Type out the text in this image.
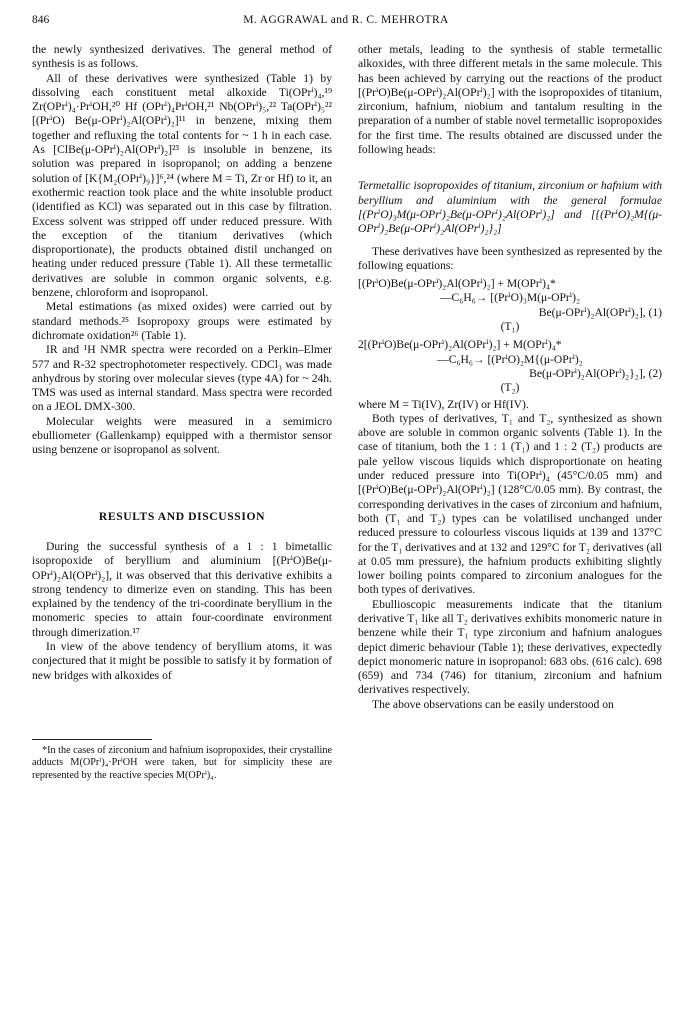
846	M. AGGRAWAL and R. C. MEHROTRA

the newly synthesized derivatives. The general method of synthesis is as follows.

All of these derivatives were synthesized (Table 1) by dissolving each constituent metal alkoxide Ti(OPrⁱ)₄,¹⁹ Zr(OPrⁱ)₄·PrⁱOH,²⁰ Hf (OPrⁱ)₄PrⁱOH,²¹ Nb(OPrⁱ)₅,²² Ta(OPrⁱ)₅²² [(PrⁱO) Be(μ-OPrⁱ)₂Al(OPrⁱ)₂]¹¹ in benzene, mixing them together and refluxing the total contents for ~ 1 h in each case. As [ClBe(μ-OPrⁱ)₂Al(OPrⁱ)₂]²³ is insoluble in benzene, its solution was prepared in isopropanol; on adding a benzene solution of [K{M₂(OPrⁱ)₉}]⁶,²⁴ (where M = Ti, Zr or Hf) to it, an exothermic reaction took place and the white insoluble product (identified as KCl) was separated out in this case by filtration. Excess solvent was stripped off under reduced pressure. With the exception of the titanium derivatives (which disproportionate), the products obtained distil unchanged on heating under reduced pressure (Table 1). All these termetallic derivatives are soluble in common organic solvents, e.g. benzene, chloroform and isopropanol.

Metal estimations (as mixed oxides) were carried out by standard methods.²⁵ Isopropoxy groups were estimated by dichromate oxidation²⁶ (Table 1).

IR and ¹H NMR spectra were recorded on a Perkin–Elmer 577 and R-32 spectrophotometer respectively. CDCl₃ was made anhydrous by storing over molecular sieves (type 4A) for ~ 24h. TMS was used as internal standard. Mass spectra were recorded on a JEOL DMX-300.

Molecular weights were measured in a semimicro ebulliometer (Gallenkamp) equipped with a thermistor sensor using benzene or isopropanol as solvent.

RESULTS AND DISCUSSION

During the successful synthesis of a 1 : 1 bimetallic isopropoxide of beryllium and aluminium [(PrⁱO)Be(μ-OPrⁱ)₂Al(OPrⁱ)₂], it was observed that this derivative exhibits a strong tendency to dimerize even on standing. This has been explained by the tendency of the tri-coordinate beryllium in the monomeric species to attain four-coordinate environment through dimerization.¹⁷

In view of the above tendency of beryllium atoms, it was conjectured that it might be possible to satisfy it by formation of new bridges with alkoxides of

*In the cases of zirconium and hafnium isopropoxides, their crystalline adducts M(OPrⁱ)₄·PrⁱOH were taken, but for simplicity these are represented by the reactive species M(OPrⁱ)₄.

other metals, leading to the synthesis of stable termetallic alkoxides, with three different metals in the same molecule. This has been achieved by carrying out the reactions of the product [(PrⁱO)Be(μ-OPrⁱ)₂Al(OPrⁱ)₂] with the isopropoxides of titanium, zirconium, hafnium, niobium and tantalum resulting in the preparation of a number of stable novel termetallic isopropoxides for the first time. The results obtained are discussed under the following heads:

Termetallic isopropoxides of titanium, zirconium or hafnium with beryllium and aluminium with the general formulae [(PrⁱO)₃M(μ-OPrⁱ)₂Be(μ-OPrⁱ)₂Al(OPrⁱ)₂] and [{(PrⁱO)₂M{(μ-OPrⁱ)₂Be(μ-OPrⁱ)₂Al(OPrⁱ)₂}₂]

These derivatives have been synthesized as represented by the following equations:

[(PrⁱO)Be(μ-OPrⁱ)₂Al(OPrⁱ)₂] + M(OPrⁱ)₄*
—C₆H₆→ [(PrⁱO)₃M(μ-OPrⁱ)₂
Be(μ-OPrⁱ)₂Al(OPrⁱ)₂], (1)
(T₁)
2[(PrⁱO)Be(μ-OPrⁱ)₂Al(OPrⁱ)₂] + M(OPrⁱ)₄*
—C₆H₆→ [(PrⁱO)₂M{(μ-OPrⁱ)₂
Be(μ-OPrⁱ)₂Al(OPrⁱ)₂}₂], (2)
(T₂)

where M = Ti(IV), Zr(IV) or Hf(IV).

Both types of derivatives, T₁ and T₂, synthesized as shown above are soluble in common organic solvents (Table 1). In the case of titanium, both the 1 : 1 (T₁) and 1 : 2 (T₂) products are pale yellow viscous liquids which disproportionate on heating under reduced pressure into Ti(OPrⁱ)₄ (45°C/0.05 mm) and [(PrⁱO)Be(μ-OPrⁱ)₂Al(OPrⁱ)₂] (128°C/0.05 mm). By contrast, the corresponding derivatives in the cases of zirconium and hafnium, both (T₁ and T₂) types can be volatilised unchanged under reduced pressure to colourless viscous liquids at 139 and 137°C for the T₁ derivatives and at 132 and 129°C for T₂ derivatives (all at 0.05 mm pressure), the hafnium products exhibiting slightly lower boiling points compared to zirconium analogues for the both types of derivatives.

Ebullioscopic measurements indicate that the titanium derivative T₁ like all T₂ derivatives exhibits monomeric nature in benzene while their T₁ type zirconium and hafnium analogues depict dimeric behaviour (Table 1); these derivatives, expectedly depict monomeric nature in isopropanol: 683 obs. (616 calc). 698 (659) and 734 (746) for titanium, zirconium and hafnium derivatives respectively.

The above observations can be easily understood on
